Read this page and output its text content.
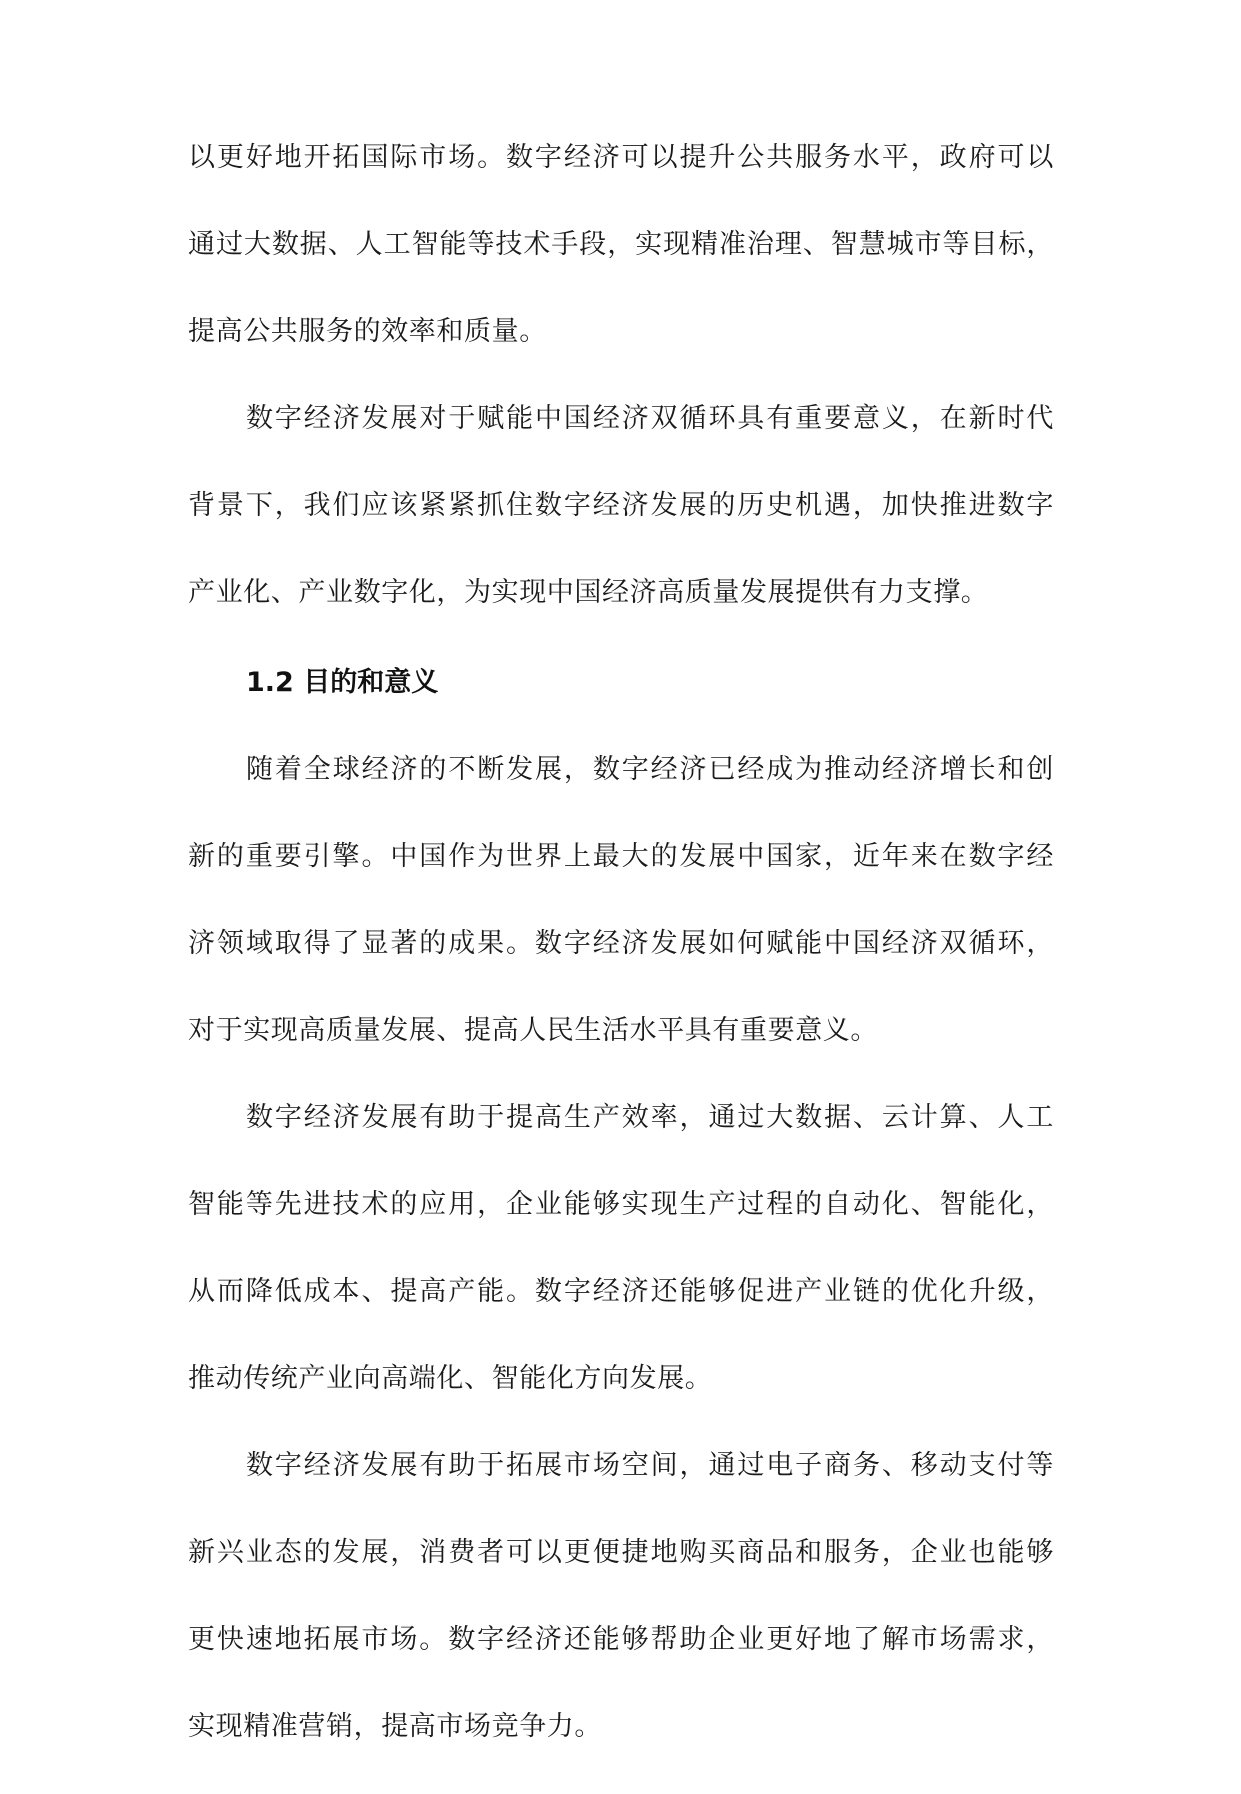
以更好地开拓国际市场。数字经济可以提升公共服务水平，政府可以
通过大数据、人工智能等技术手段，实现精准治理、智慧城市等目标，
提高公共服务的效率和质量。
数字经济发展对于赋能中国经济双循环具有重要意义，在新时代
背景下，我们应该紧紧抓住数字经济发展的历史机遇，加快推进数字
产业化、产业数字化，为实现中国经济高质量发展提供有力支撑。
1.2 目的和意义
随着全球经济的不断发展，数字经济已经成为推动经济增长和创
新的重要引擎。中国作为世界上最大的发展中国家，近年来在数字经
济领域取得了显著的成果。数字经济发展如何赋能中国经济双循环，
对于实现高质量发展、提高人民生活水平具有重要意义。
数字经济发展有助于提高生产效率，通过大数据、云计算、人工
智能等先进技术的应用，企业能够实现生产过程的自动化、智能化，
从而降低成本、提高产能。数字经济还能够促进产业链的优化升级，
推动传统产业向高端化、智能化方向发展。
数字经济发展有助于拓展市场空间，通过电子商务、移动支付等
新兴业态的发展，消费者可以更便捷地购买商品和服务，企业也能够
更快速地拓展市场。数字经济还能够帮助企业更好地了解市场需求，
实现精准营销，提高市场竞争力。
